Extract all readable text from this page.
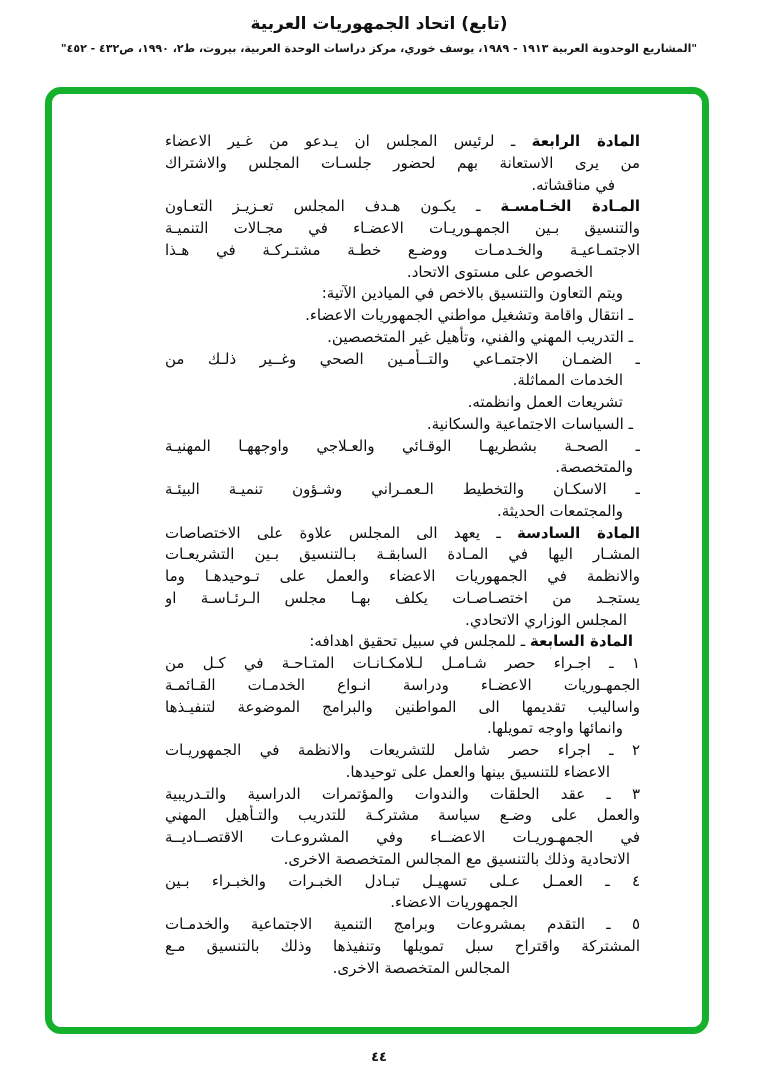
(تابع) اتحاد الجمهوريات العربية
"المشاريع الوحدوية العربية ١٩١٣ - ١٩٨٩، يوسف خوري، مركز دراسات الوحدة العربية، بيروت، ط٢، ١٩٩٠، ص٤٣٢ - ٤٥٢"
المادة الرابعة ـ لرئيس المجلس ان يـدعو من غـير الاعضاء
من يرى الاستعانة بهم لحضور جلسـات المجلس والاشتراك
في مناقشاته.
المـادة الخـامسـة ـ يكـون هـدف المجلس تعـزيـز التعـاون
والتنسيق بـين الجمهـوريـات الاعضـاء في مجـالات التنميـة
الاجتمـاعيـة والخـدمـات ووضـع خطـة مشتـركـة في هـذا
الخصوص على مستوى الاتحاد.
ويتم التعاون والتنسيق بالاخص في الميادين الآتية:
ـ انتقال واقامة وتشغيل مواطني الجمهوريات الاعضاء.
ـ التدريب المهني والفني، وتأهيل غير المتخصصين.
ـ الضمـان الاجتمـاعي والتــأمـين الصحي وغــير ذلـك من
الخدمات المماثلة.
تشريعات العمل وانظمته.
ـ السياسات الاجتماعية والسكانية.
ـ الصحـة بشطريهـا الوقـائي والعـلاجي واوجههـا المهنيـة
والمتخصصة.
ـ الاسكـان والتخطيط الـعمـراني وشـؤون تنميـة البيئـة
والمجتمعات الحديثة.
المادة السادسة ـ يعهد الى المجلس علاوة على الاختصاصات
المشـار اليها في المـادة السابقـة بـالتنسيق بـين التشريعـات
والانظمة في الجمهوريات الاعضاء والعمل على تـوحيدهـا وما
يستجـد من اختصـاصـات يكلف بهـا مجلس الـرئـاسـة او
المجلس الوزاري الاتحادي.
المادة السابعة ـ للمجلس في سبيل تحقيق اهدافه:
١ ـ اجـراء حصر شـامـل لـلامكـانـات المتـاحـة في كـل من
الجمهـوريات الاعضـاء ودراسة انـواع الخدمـات القـائمـة
واساليب تقديمها الى المواطنين والبرامج الموضوعة لتنفيـذها
وانمائها واوجه تمويلها.
٢ ـ اجراء حصر شامل للتشريعات والانظمة في الجمهوريـات
الاعضاء للتنسيق بينها والعمل على توحيدها.
٣ ـ عقد الحلقات والندوات والمؤتمرات الدراسية والتـدريبية
والعمل على وضـع سياسة مشتركـة للتدريب والتـأهيل المهني
في الجمهـوريـات الاعضــاء وفي المشروعـات الاقتصــاديــة
الاتحادية وذلك بالتنسيق مع المجالس المتخصصة الاخرى.
٤ ـ العمـل عـلى تسهيـل تبـادل الخبـرات والخبـراء بـين
الجمهوريات الاعضاء.
٥ ـ التقدم بمشروعات وبرامج التنمية الاجتماعية والخدمـات
المشتركة واقتراح سبل تمويلها وتنفيذها وذلك بالتنسيق مـع
المجالس المتخصصة الاخرى.
٤٤
